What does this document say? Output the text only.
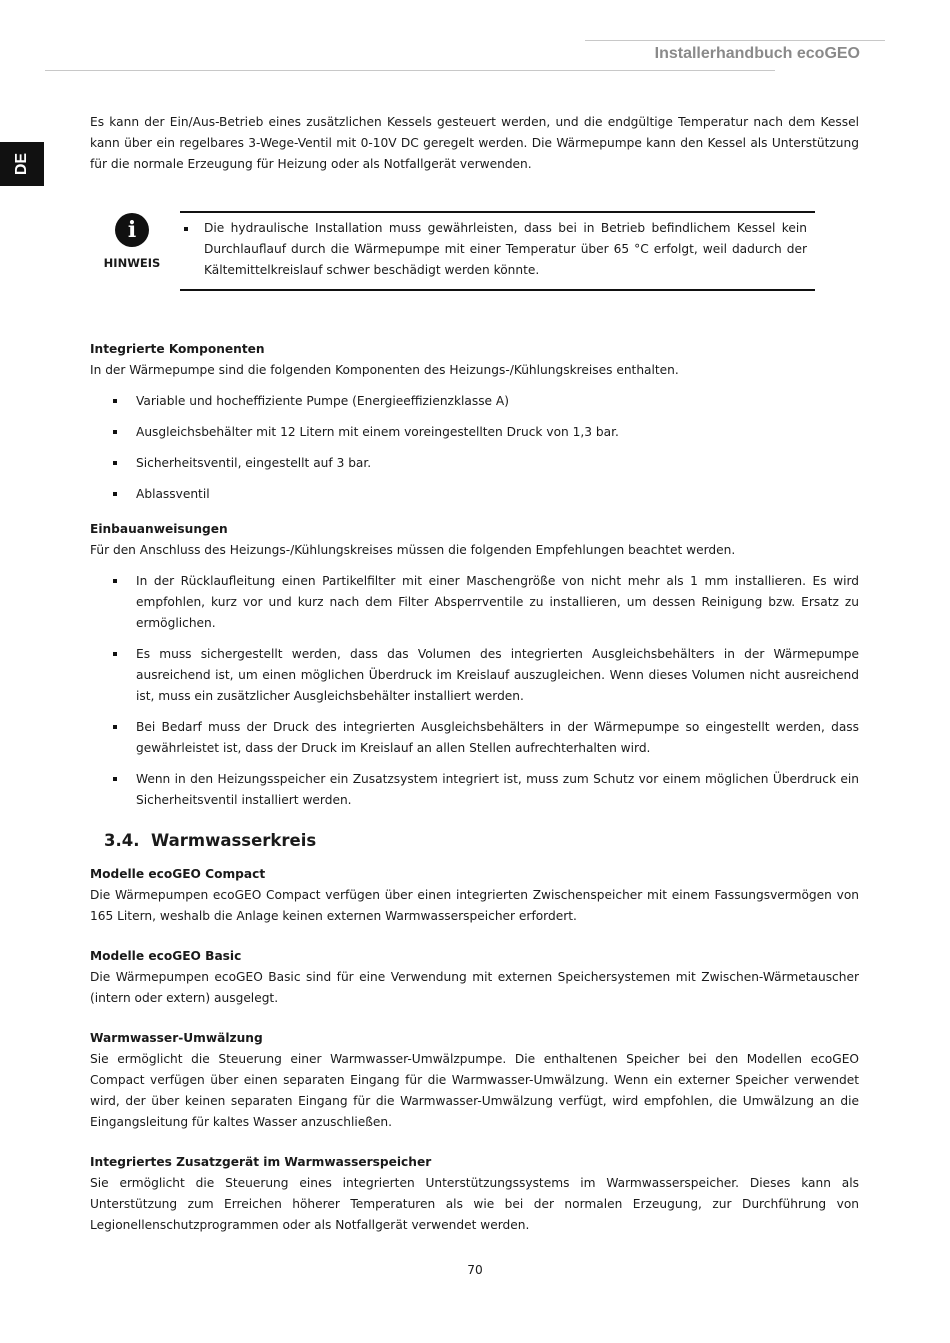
Installerhandbuch ecoGEO
DE

Es kann der Ein/Aus-Betrieb eines zusätzlichen Kessels gesteuert werden, und die endgültige Temperatur nach dem Kessel kann über ein regelbares 3-Wege-Ventil mit 0-10V DC geregelt werden. Die Wärmepumpe kann den Kessel als Unterstützung für die normale Erzeugung für Heizung oder als Notfallgerät verwenden.

i
HINWEIS
Die hydraulische Installation muss gewährleisten, dass bei in Betrieb befindlichem Kessel kein Durchlauflauf durch die Wärmepumpe mit einer Temperatur über 65 °C erfolgt, weil dadurch der Kältemittelkreislauf schwer beschädigt werden könnte.
Integrierte Komponenten

In der Wärmepumpe sind die folgenden Komponenten des Heizungs-/Kühlungskreises enthalten.

Variable und hocheffiziente Pumpe (Energieeffizienzklasse A)
Ausgleichsbehälter mit 12 Litern mit einem voreingestellten Druck von 1,3 bar.
Sicherheitsventil, eingestellt auf 3 bar.
Ablassventil
Einbauanweisungen

Für den Anschluss des Heizungs-/Kühlungskreises müssen die folgenden Empfehlungen beachtet werden.

In der Rücklaufleitung einen Partikelfilter mit einer Maschengröße von nicht mehr als 1 mm installieren. Es wird empfohlen, kurz vor und kurz nach dem Filter Absperrventile zu installieren, um dessen Reinigung bzw. Ersatz zu ermöglichen.
Es muss sichergestellt werden, dass das Volumen des integrierten Ausgleichsbehälters in der Wärmepumpe ausreichend ist, um einen möglichen Überdruck im Kreislauf auszugleichen. Wenn dieses Volumen nicht ausreichend ist, muss ein zusätzlicher Ausgleichsbehälter installiert werden.
Bei Bedarf muss der Druck des integrierten Ausgleichsbehälters in der Wärmepumpe so eingestellt werden, dass gewährleistet ist, dass der Druck im Kreislauf an allen Stellen aufrechterhalten wird.
Wenn in den Heizungsspeicher ein Zusatzsystem integriert ist, muss zum Schutz vor einem möglichen Überdruck ein Sicherheitsventil installiert werden.
3.4. Warmwasserkreis
Modelle ecoGEO Compact

Die Wärmepumpen ecoGEO Compact verfügen über einen integrierten Zwischenspeicher mit einem Fassungsvermögen von 165 Litern, weshalb die Anlage keinen externen Warmwasserspeicher erfordert.

Modelle ecoGEO Basic

Die Wärmepumpen ecoGEO Basic sind für eine Verwendung mit externen Speichersystemen mit Zwischen-Wärmetauscher (intern oder extern) ausgelegt.

Warmwasser-Umwälzung

Sie ermöglicht die Steuerung einer Warmwasser-Umwälzpumpe. Die enthaltenen Speicher bei den Modellen ecoGEO Compact verfügen über einen separaten Eingang für die Warmwasser-Umwälzung. Wenn ein externer Speicher verwendet wird, der über keinen separaten Eingang für die Warmwasser-Umwälzung verfügt, wird empfohlen, die Umwälzung an die Eingangsleitung für kaltes Wasser anzuschließen.

Integriertes Zusatzgerät im Warmwasserspeicher

Sie ermöglicht die Steuerung eines integrierten Unterstützungssystems im Warmwasserspeicher. Dieses kann als Unterstützung zum Erreichen höherer Temperaturen als wie bei der normalen Erzeugung, zur Durchführung von Legionellenschutzprogrammen oder als Notfallgerät verwendet werden.

70
